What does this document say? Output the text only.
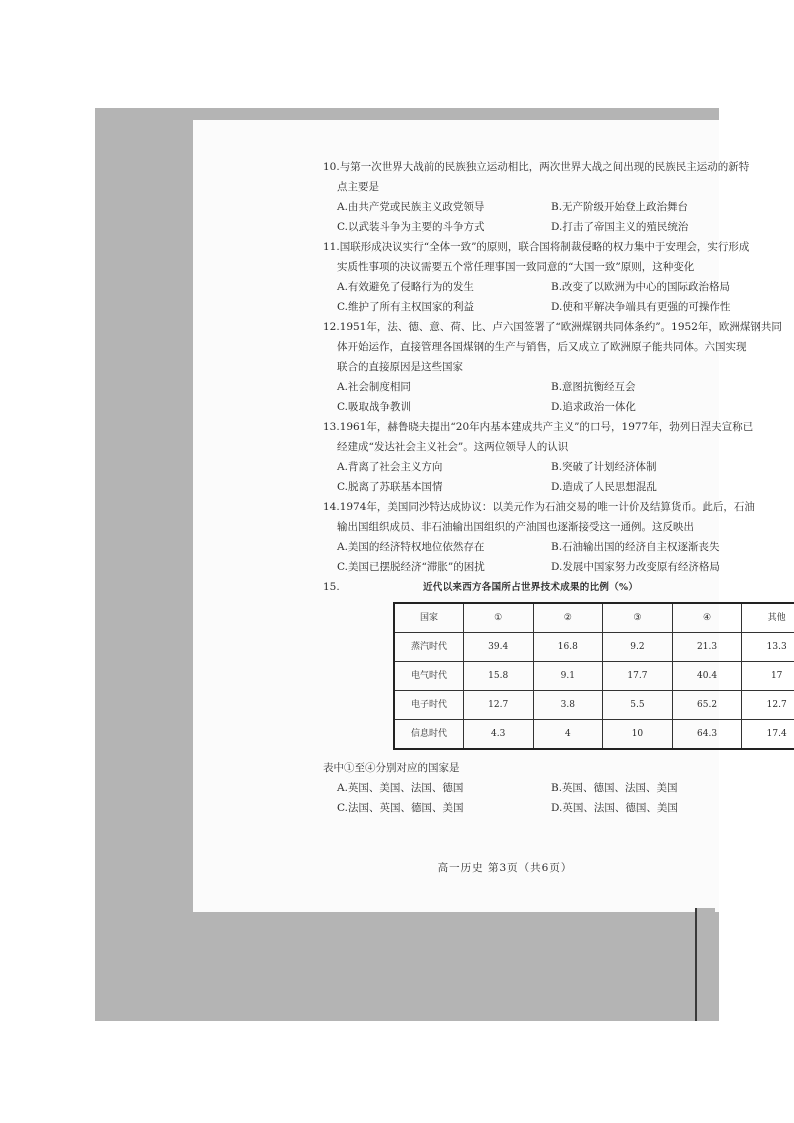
10.与第一次世界大战前的民族独立运动相比，两次世界大战之间出现的民族民主运动的新特
点主要是
A.由共产党或民族主义政党领导	B.无产阶级开始登上政治舞台
C.以武装斗争为主要的斗争方式	D.打击了帝国主义的殖民统治
11.国联形成决议实行“全体一致”的原则，联合国将制裁侵略的权力集中于安理会，实行形成
实质性事项的决议需要五个常任理事国一致同意的“大国一致”原则，这种变化
A.有效避免了侵略行为的发生	B.改变了以欧洲为中心的国际政治格局
C.维护了所有主权国家的利益	D.使和平解决争端具有更强的可操作性
12.1951年，法、德、意、荷、比、卢六国签署了“欧洲煤钢共同体条约”。1952年，欧洲煤钢共同
体开始运作，直接管理各国煤钢的生产与销售，后又成立了欧洲原子能共同体。六国实现
联合的直接原因是这些国家
A.社会制度相同	B.意图抗衡经互会
C.吸取战争教训	D.追求政治一体化
13.1961年，赫鲁晓夫提出“20年内基本建成共产主义”的口号，1977年，勃列日涅夫宣称已
经建成“发达社会主义社会”。这两位领导人的认识
A.背离了社会主义方向	B.突破了计划经济体制
C.脱离了苏联基本国情	D.造成了人民思想混乱
14.1974年，美国同沙特达成协议：以美元作为石油交易的唯一计价及结算货币。此后，石油
输出国组织成员、非石油输出国组织的产油国也逐渐接受这一通例。这反映出
A.美国的经济特权地位依然存在	B.石油输出国的经济自主权逐渐丧失
C.美国已摆脱经济“滞胀”的困扰	D.发展中国家努力改变原有经济格局
15.	近代以来西方各国所占世界技术成果的比例（%）
国家	①	②	③	④	其他
蒸汽时代	39.4	16.8	9.2	21.3	13.3
电气时代	15.8	9.1	17.7	40.4	17
电子时代	12.7	3.8	5.5	65.2	12.7
信息时代	4.3	4	10	64.3	17.4
表中①至④分别对应的国家是
A.英国、美国、法国、德国	B.英国、德国、法国、美国
C.法国、英国、德国、美国	D.英国、法国、德国、美国
高一历史 第3页（共6页）
